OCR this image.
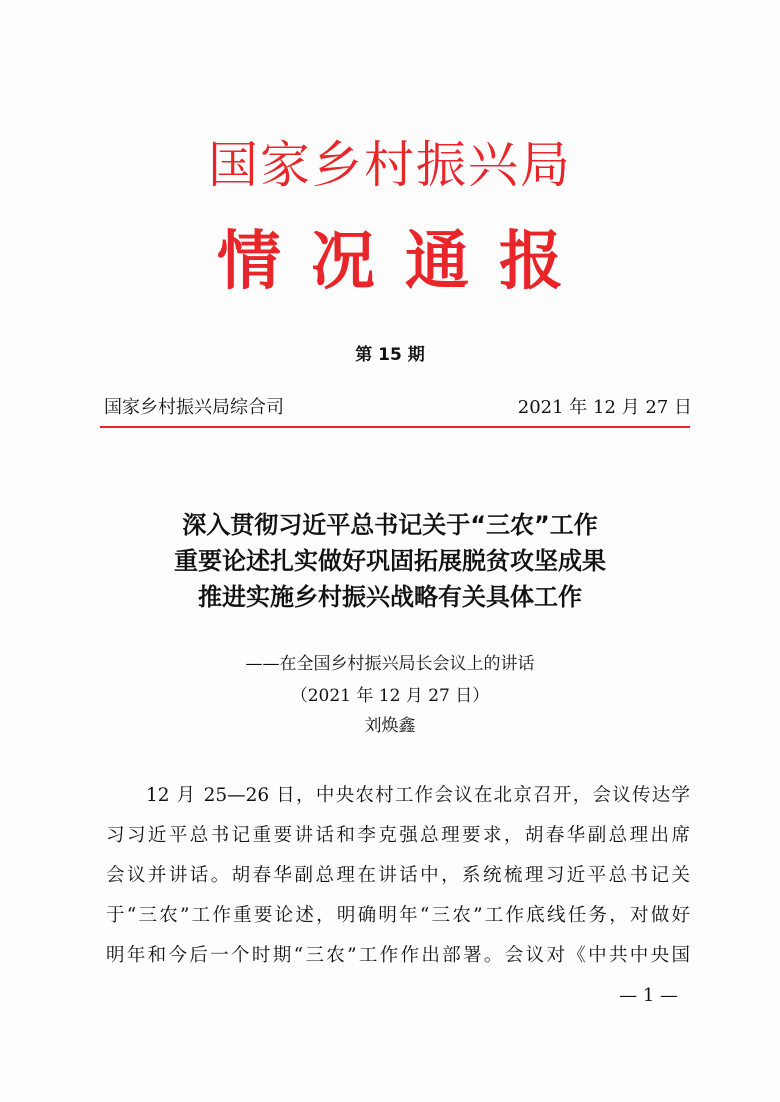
国家乡村振兴局
情况通报
第 15 期
国家乡村振兴局综合司	2021 年 12 月 27 日
深入贯彻习近平总书记关于“三农”工作
重要论述扎实做好巩固拓展脱贫攻坚成果
推进实施乡村振兴战略有关具体工作
——在全国乡村振兴局长会议上的讲话
（2021 年 12 月 27 日）
刘焕鑫
12 月 25—26 日，中央农村工作会议在北京召开，会议传达学
习习近平总书记重要讲话和李克强总理要求，胡春华副总理出席
会议并讲话。胡春华副总理在讲话中，系统梳理习近平总书记关
于“三农”工作重要论述，明确明年“三农”工作底线任务，对做好
明年和今后一个时期“三农”工作作出部署。会议对《中共中央国
— 1 —
